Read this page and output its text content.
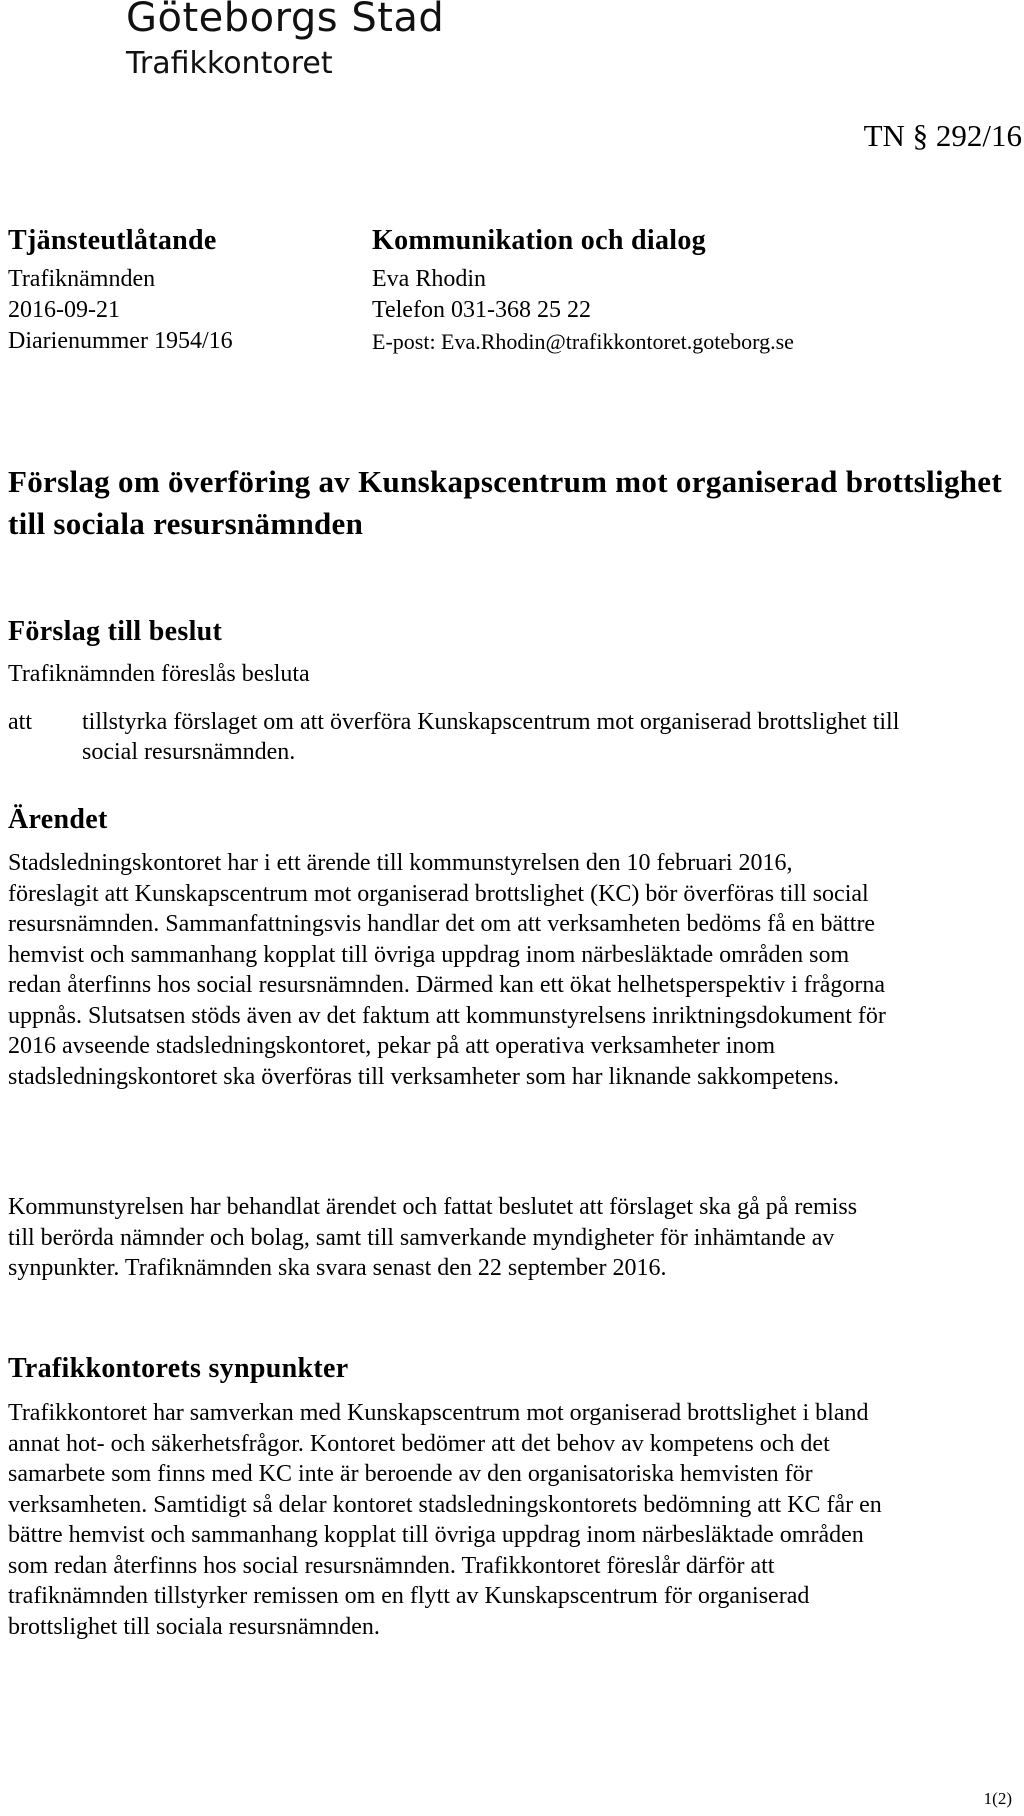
Göteborgs Stad
Trafikkontoret
TN § 292/16
Tjänsteutlåtande
Trafiknämnden
2016-09-21
Diarienummer 1954/16
Kommunikation och dialog
Eva Rhodin
Telefon 031-368 25 22
E-post: Eva.Rhodin@trafikkontoret.goteborg.se
Förslag om överföring av Kunskapscentrum mot organiserad brottslighet till sociala resursnämnden
Förslag till beslut

Trafiknämnden föreslås besluta

att tillstyrka förslaget om att överföra Kunskapscentrum mot organiserad brottslighet till social resursnämnden.
Ärendet

Stadsledningskontoret har i ett ärende till kommunstyrelsen den 10 februari 2016, föreslagit att Kunskapscentrum mot organiserad brottslighet (KC) bör överföras till social resursnämnden. Sammanfattningsvis handlar det om att verksamheten bedöms få en bättre hemvist och sammanhang kopplat till övriga uppdrag inom närbesläktade områden som redan återfinns hos social resursnämnden. Därmed kan ett ökat helhetsperspektiv i frågorna uppnås. Slutsatsen stöds även av det faktum att kommunstyrelsens inriktningsdokument för 2016 avseende stadsledningskontoret, pekar på att operativa verksamheter inom stadsledningskontoret ska överföras till verksamheter som har liknande sakkompetens.

Kommunstyrelsen har behandlat ärendet och fattat beslutet att förslaget ska gå på remiss till berörda nämnder och bolag, samt till samverkande myndigheter för inhämtande av synpunkter. Trafiknämnden ska svara senast den 22 september 2016.

Trafikkontorets synpunkter

Trafikkontoret har samverkan med Kunskapscentrum mot organiserad brottslighet i bland annat hot- och säkerhetsfrågor. Kontoret bedömer att det behov av kompetens och det samarbete som finns med KC inte är beroende av den organisatoriska hemvisten för verksamheten. Samtidigt så delar kontoret stadsledningskontorets bedömning att KC får en bättre hemvist och sammanhang kopplat till övriga uppdrag inom närbesläktade områden som redan återfinns hos social resursnämnden. Trafikkontoret föreslår därför att trafiknämnden tillstyrker remissen om en flytt av Kunskapscentrum för organiserad brottslighet till sociala resursnämnden.

1(2)
